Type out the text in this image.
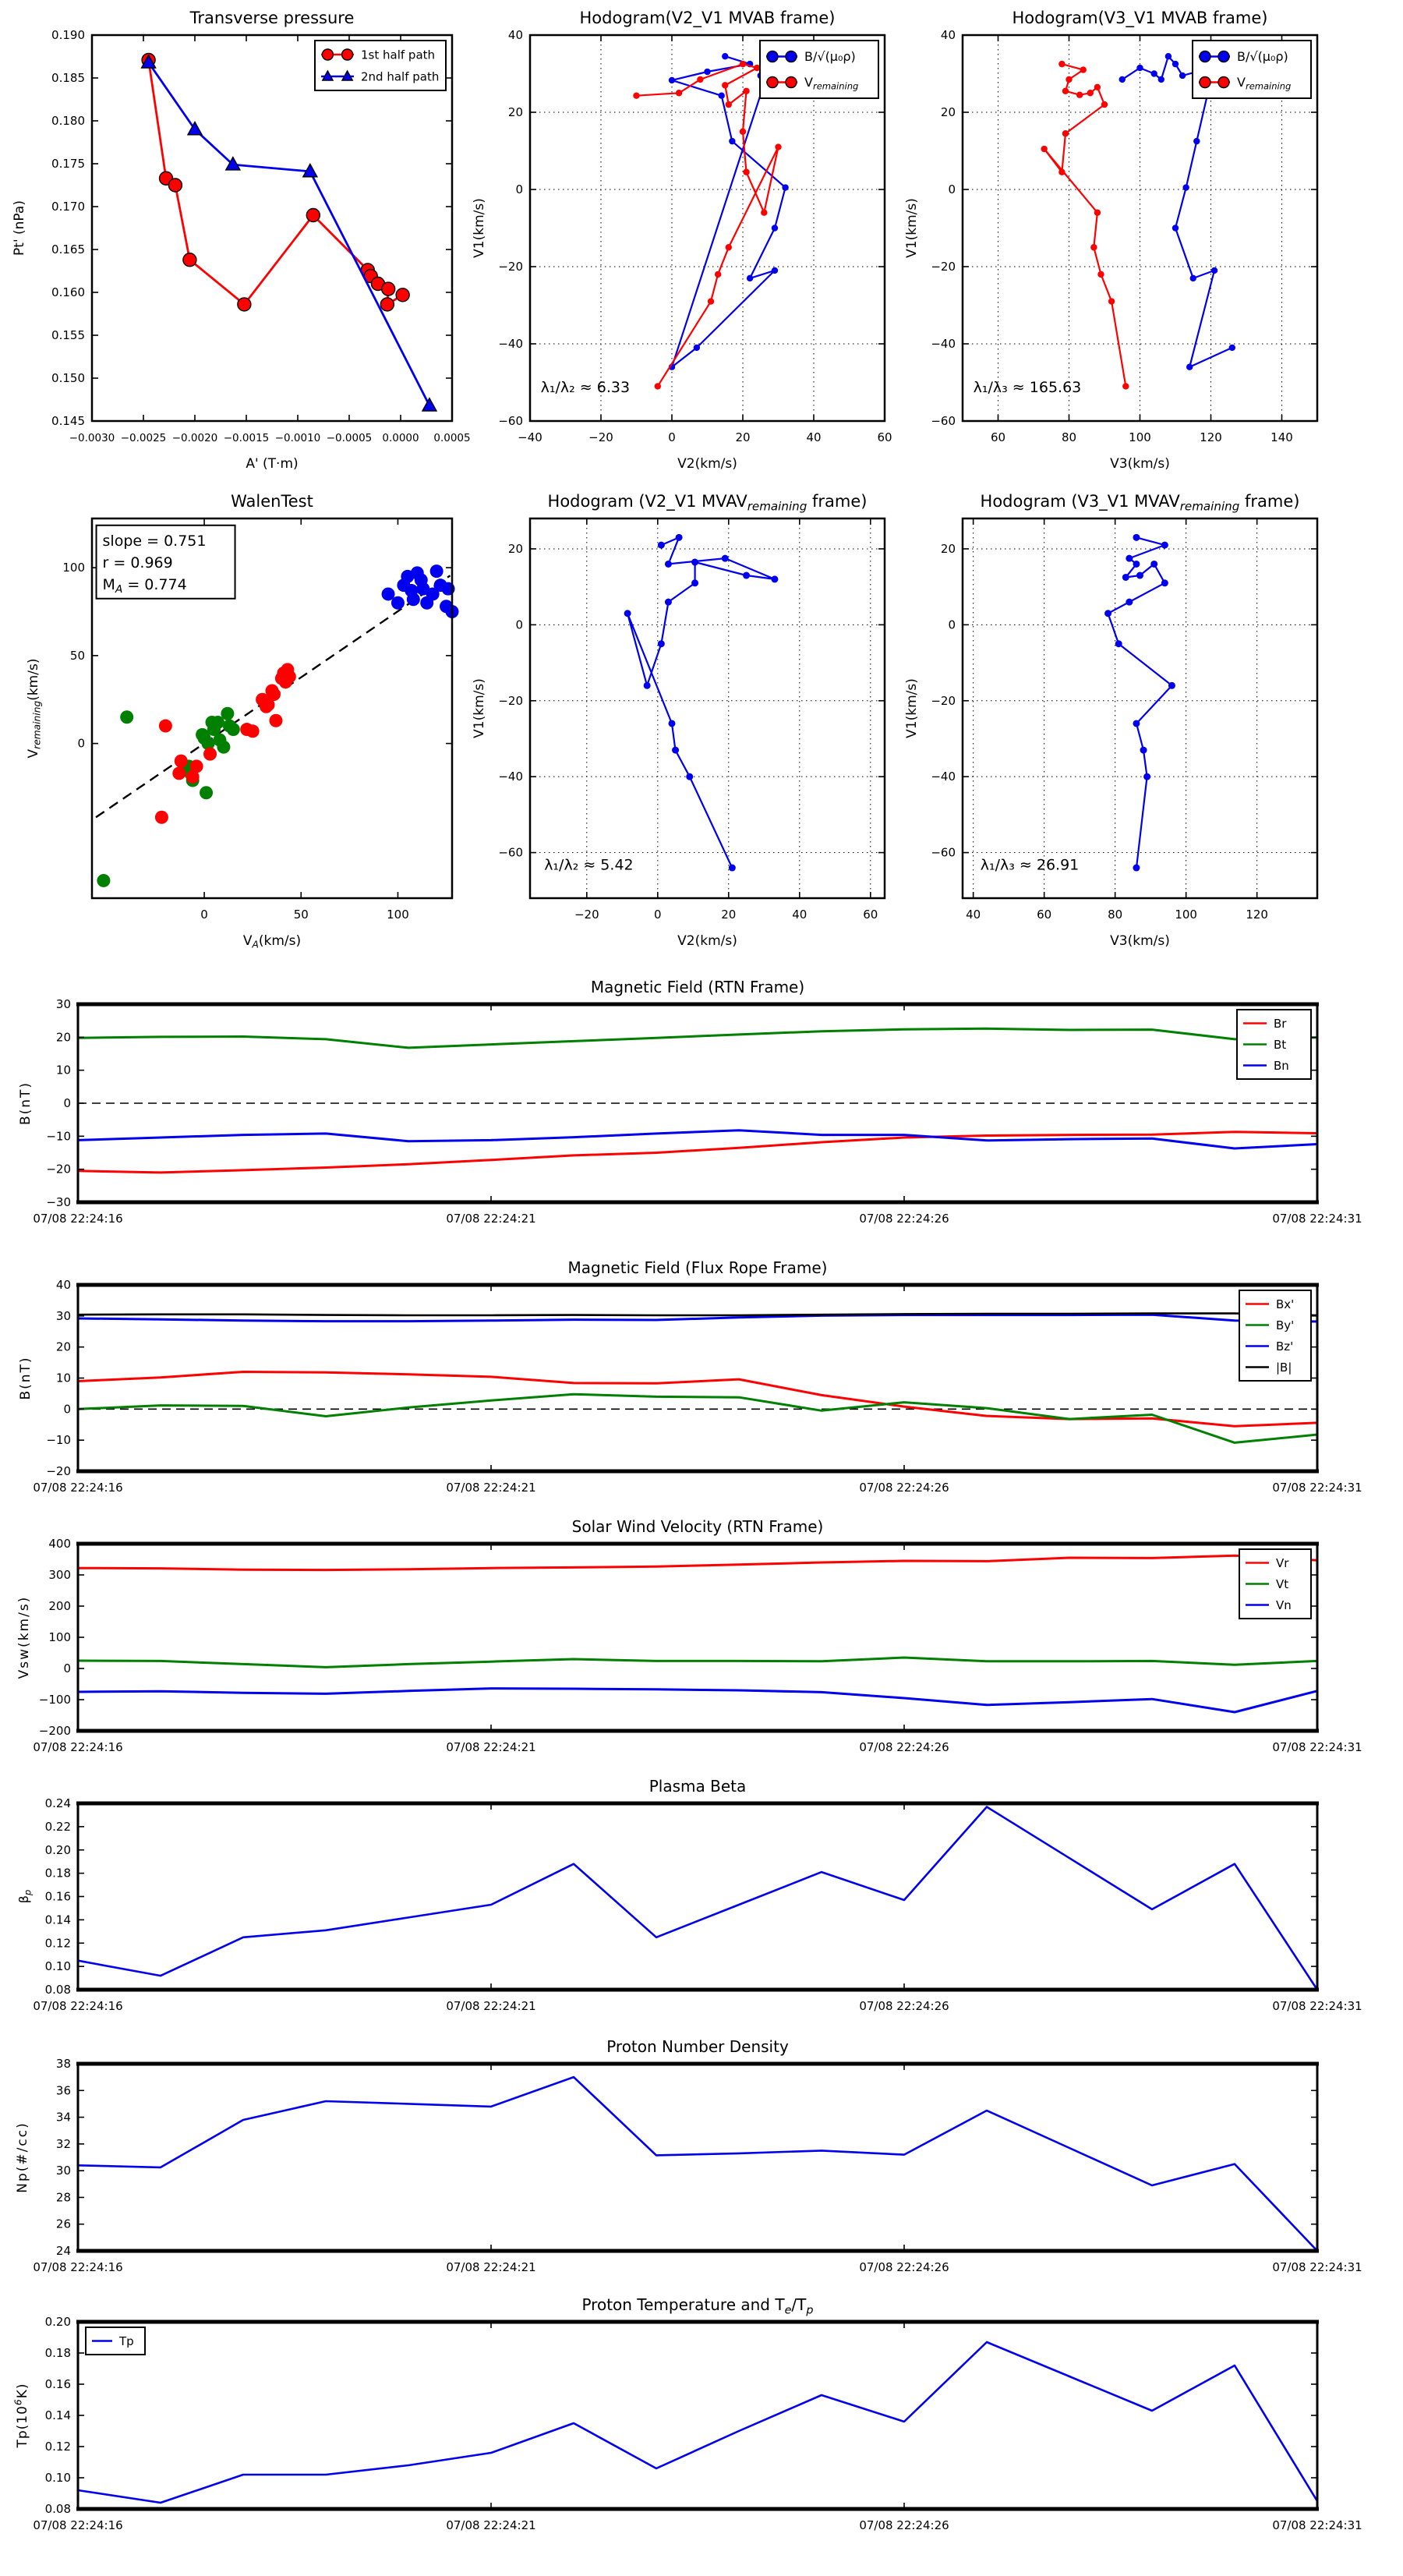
−0.0030 −0.0025 −0.0020 −0.0015 −0.0010 −0.0005 0.0000 0.0005
0.145
0.150
0.155
0.160
0.165
0.170
0.175
0.180
0.185
0.190
Transverse pressure
A' (T·m)
Pt' (nPa)
1st half path
2nd half path
−40	−20	0	20	40	60
−60
−40
−20
0
20
40
Hodogram(V2_V1 MVAB frame)
V2(km/s)
V1(km/s)
B/√(μ₀ρ)
$V_{remaining}$
λ₁/λ₂ ≈ 6.33
60	80	100	120	140
−60
−40
−20
0
20
40
Hodogram(V3_V1 MVAB frame)
V3(km/s)
V1(km/s)
B/√(μ₀ρ)
$V_{remaining}$
λ₁/λ₃ ≈ 165.63
0	50	100
0
50
100
WalenTest
$V_A(km/s)$
$V_{remaining}(km/s)$
slope = 0.751
r = 0.969
$M_A = 0.774$
−20	0	20	40	60
−60
−40
−20
0
20
Hodogram (V2_V1 $MVAV_{remaining}$ frame)
V2(km/s)
V1(km/s)
λ₁/λ₂ ≈ 5.42
40	60	80	100	120
−60
−40
−20
0
20
Hodogram (V3_V1 $MVAV_{remaining}$ frame)
V3(km/s)
V1(km/s)
λ₁/λ₃ ≈ 26.91
07/08 22:24:16	07/08 22:24:21	07/08 22:24:26	07/08 22:24:31
−30
−20
−10
0
10
20
30
Magnetic Field (RTN Frame)
B(nT)
Br
Bt
Bn
07/08 22:24:16	07/08 22:24:21	07/08 22:24:26	07/08 22:24:31
−20
−10
0
10
20
30
40
Magnetic Field (Flux Rope Frame)
B(nT)
Bx'
By'
Bz'
|B|
07/08 22:24:16	07/08 22:24:21	07/08 22:24:26	07/08 22:24:31
−200
−100
0
100
200
300
400
Solar Wind Velocity (RTN Frame)
Vsw(km/s)
Vr
Vt
Vn
07/08 22:24:16	07/08 22:24:21	07/08 22:24:26	07/08 22:24:31
0.08
0.10
0.12
0.14
0.16
0.18
0.20
0.22
0.24
Plasma Beta
$\beta_p$
07/08 22:24:16	07/08 22:24:21	07/08 22:24:26	07/08 22:24:31
24
26
28
30
32
34
36
38
Proton Number Density
Np(#/cc)
07/08 22:24:16	07/08 22:24:21	07/08 22:24:26	07/08 22:24:31
0.08
0.10
0.12
0.14
0.16
0.18
0.20
Proton Temperature and $T_e/T_p$
$Tp(10^6K)$
Tp
